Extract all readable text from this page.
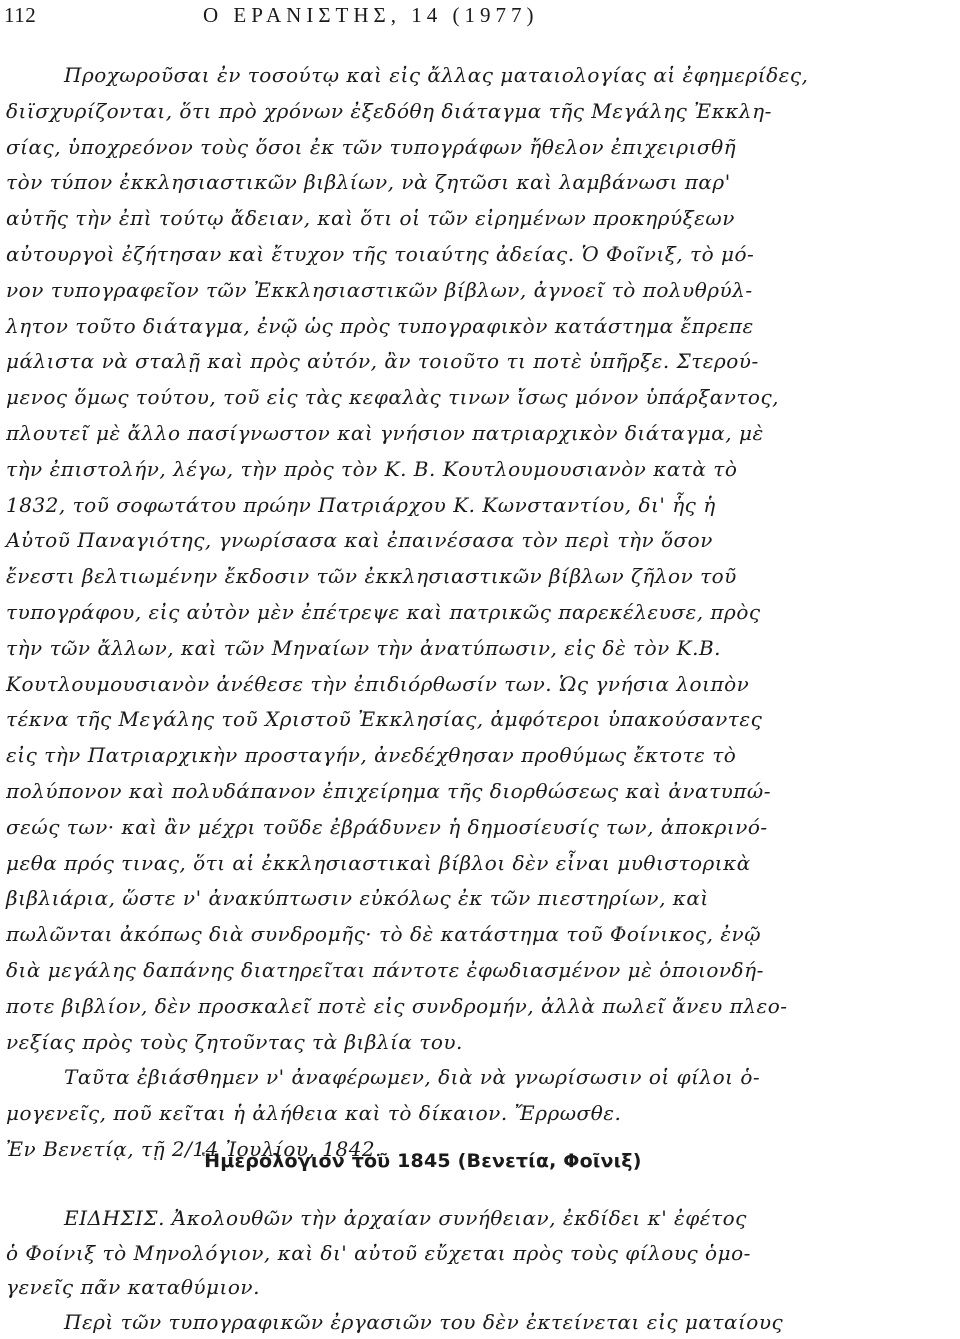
112	Ο ΕΡΑΝΙΣΤΗΣ, 14 (1977)
Προχωροῦσαι ἐν τοσούτῳ καὶ εἰς ἄλλας ματαιολογίας αἱ ἐφημερίδες,
διϊσχυρίζονται, ὅτι πρὸ χρόνων ἐξεδόθη διάταγμα τῆς Μεγάλης Ἐκκλη-
σίας, ὑποχρεόνον τοὺς ὅσοι ἐκ τῶν τυπογράφων ἤθελον ἐπιχειρισθῆ
τὸν τύπον ἐκκλησιαστικῶν βιβλίων, νὰ ζητῶσι καὶ λαμβάνωσι παρ'
αὐτῆς τὴν ἐπὶ τούτῳ ἄδειαν, καὶ ὅτι οἱ τῶν εἰρημένων προκηρύξεων
αὐτουργοὶ ἐζήτησαν καὶ ἔτυχον τῆς τοιαύτης ἀδείας. Ὁ Φοῖνιξ, τὸ μό-
νον τυπογραφεῖον τῶν Ἐκκλησιαστικῶν βίβλων, ἀγνοεῖ τὸ πολυθρύλ-
λητον τοῦτο διάταγμα, ἐνῷ ὡς πρὸς τυπογραφικὸν κατάστημα ἔπρεπε
μάλιστα νὰ σταλῇ καὶ πρὸς αὐτόν, ἂν τοιοῦτο τι ποτὲ ὑπῆρξε. Στερού-
μενος ὅμως τούτου, τοῦ εἰς τὰς κεφαλὰς τινων ἴσως μόνον ὑπάρξαντος,
πλουτεῖ μὲ ἄλλο πασίγνωστον καὶ γνήσιον πατριαρχικὸν διάταγμα, μὲ
τὴν ἐπιστολήν, λέγω, τὴν πρὸς τὸν Κ. Β. Κουτλουμουσιανὸν κατὰ τὸ
1832, τοῦ σοφωτάτου πρώην Πατριάρχου Κ. Κωνσταντίου, δι' ἧς ἡ
Αὐτοῦ Παναγιότης, γνωρίσασα καὶ ἐπαινέσασα τὸν περὶ τὴν ὅσον
ἔνεστι βελτιωμένην ἔκδοσιν τῶν ἐκκλησιαστικῶν βίβλων ζῆλον τοῦ
τυπογράφου, εἰς αὐτὸν μὲν ἐπέτρεψε καὶ πατρικῶς παρεκέλευσε, πρὸς
τὴν τῶν ἄλλων, καὶ τῶν Μηναίων τὴν ἀνατύπωσιν, εἰς δὲ τὸν Κ.Β.
Κουτλουμουσιανὸν ἀνέθεσε τὴν ἐπιδιόρθωσίν των. Ὡς γνήσια λοιπὸν
τέκνα τῆς Μεγάλης τοῦ Χριστοῦ Ἐκκλησίας, ἀμφότεροι ὑπακούσαντες
εἰς τὴν Πατριαρχικὴν προσταγήν, ἀνεδέχθησαν προθύμως ἔκτοτε τὸ
πολύπονον καὶ πολυδάπανον ἐπιχείρημα τῆς διορθώσεως καὶ ἀνατυπώ-
σεώς των· καὶ ἂν μέχρι τοῦδε ἐβράδυνεν ἡ δημοσίευσίς των, ἀποκρινό-
μεθα πρός τινας, ὅτι αἱ ἐκκλησιαστικαὶ βίβλοι δὲν εἶναι μυθιστορικὰ
βιβλιάρια, ὥστε ν' ἀνακύπτωσιν εὐκόλως ἐκ τῶν πιεστηρίων, καὶ
πωλῶνται ἀκόπως διὰ συνδρομῆς· τὸ δὲ κατάστημα τοῦ Φοίνικος, ἐνῷ
διὰ μεγάλης δαπάνης διατηρεῖται πάντοτε ἐφωδιασμένον μὲ ὁποιονδή-
ποτε βιβλίον, δὲν προσκαλεῖ ποτὲ εἰς συνδρομήν, ἀλλὰ πωλεῖ ἄνευ πλεο-
νεξίας πρὸς τοὺς ζητοῦντας τὰ βιβλία του.
Ταῦτα ἐβιάσθημεν ν' ἀναφέρωμεν, διὰ νὰ γνωρίσωσιν οἱ φίλοι ὁ-
μογενεῖς, ποῦ κεῖται ἡ ἀλήθεια καὶ τὸ δίκαιον. Ἔρρωσθε.
Ἐν Βενετίᾳ, τῇ 2/14 Ἰουλίου, 1842.
Ἡμερολόγιον τοῦ 1845 (Βενετία, Φοῖνιξ)
ΕΙΔΗΣΙΣ. Ἀκολουθῶν τὴν ἀρχαίαν συνήθειαν, ἐκδίδει κ' ἐφέτος
ὁ Φοίνιξ τὸ Μηνολόγιον, καὶ δι' αὐτοῦ εὔχεται πρὸς τοὺς φίλους ὁμο-
γενεῖς πᾶν καταθύμιον.
Περὶ τῶν τυπογραφικῶν ἐργασιῶν του δὲν ἐκτείνεται εἰς ματαίους
